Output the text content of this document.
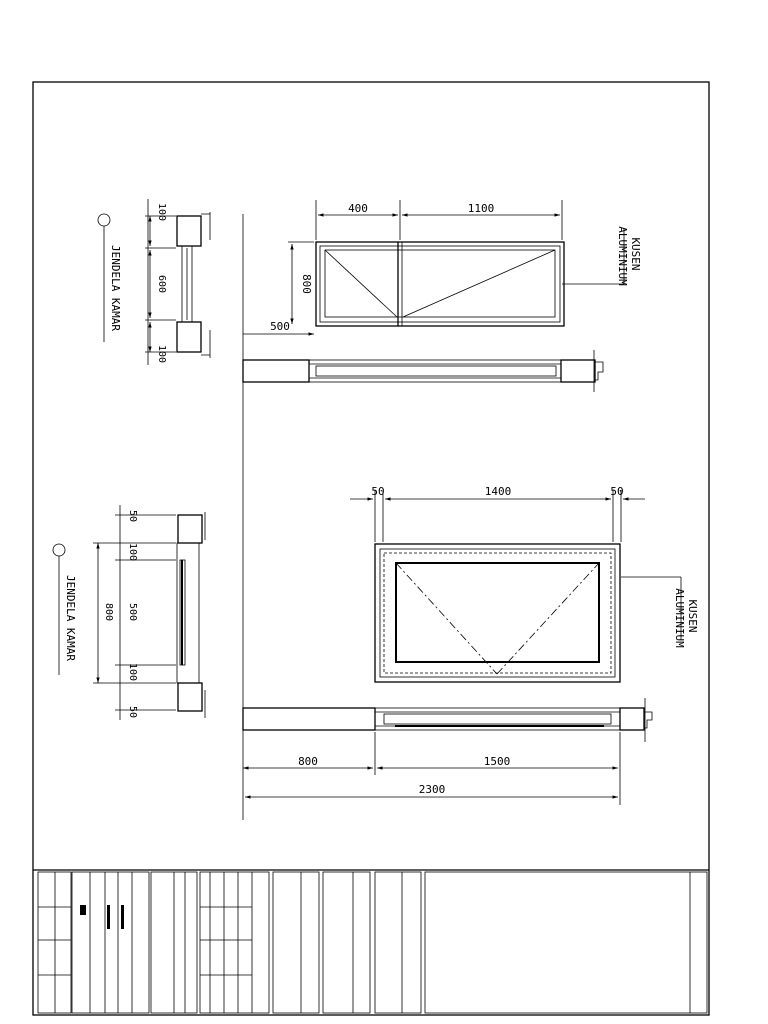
400	1100
800
500
KUSEN
ALUMINIUM
100
600
100
JENDELA KAMAR
50	1400	50
KUSEN
ALUMINIUM
800	1500
2300
50
100
500
100
50
800
JENDELA KAMAR
